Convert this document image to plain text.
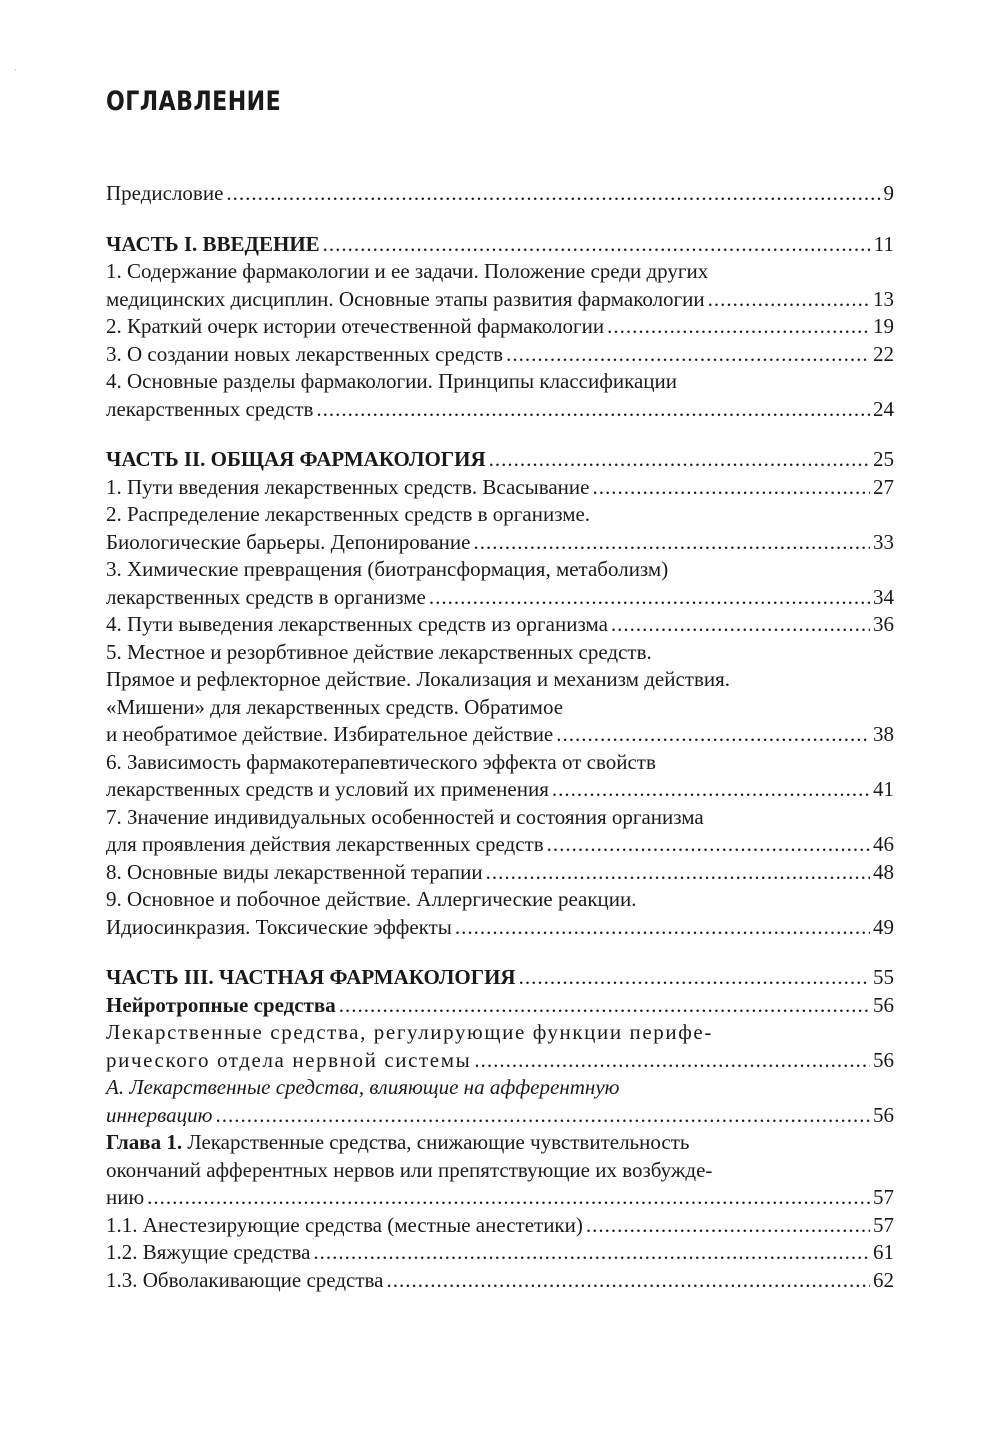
ОГЛАВЛЕНИЕ
Предисловие .....	9
ЧАСТЬ I. ВВЕДЕНИЕ .....	11
1. Содержание фармакологии и ее задачи. Положение среди других
медицинских дисциплин. Основные этапы развития фармакологии .....	13
2. Краткий очерк истории отечественной фармакологии .....	19
3. О создании новых лекарственных средств .....	22
4. Основные разделы фармакологии. Принципы классификации
лекарственных средств .....	24
ЧАСТЬ II. ОБЩАЯ ФАРМАКОЛОГИЯ .....	25
1. Пути введения лекарственных средств. Всасывание .....	27
2. Распределение лекарственных средств в организме.
Биологические барьеры. Депонирование .....	33
3. Химические превращения (биотрансформация, метаболизм)
лекарственных средств в организме .....	34
4. Пути выведения лекарственных средств из организма .....	36
5. Местное и резорбтивное действие лекарственных средств.
Прямое и рефлекторное действие. Локализация и механизм действия.
«Мишени» для лекарственных средств. Обратимое
и необратимое действие. Избирательное действие .....	38
6. Зависимость фармакотерапевтического эффекта от свойств
лекарственных средств и условий их применения .....	41
7. Значение индивидуальных особенностей и состояния организма
для проявления действия лекарственных средств .....	46
8. Основные виды лекарственной терапии .....	48
9. Основное и побочное действие. Аллергические реакции.
Идиосинкразия. Токсические эффекты .....	49
ЧАСТЬ III. ЧАСТНАЯ ФАРМАКОЛОГИЯ .....	55
Нейротропные средства .....	56
Лекарственные средства, регулирующие функции перифе-
рического отдела нервной системы .....	56
А. Лекарственные средства, влияющие на афферентную
иннервацию .....	56
Глава 1. Лекарственные средства, снижающие чувствительность
окончаний афферентных нервов или препятствующие их возбужде-
нию .....	57
1.1. Анестезирующие средства (местные анестетики) .....	57
1.2. Вяжущие средства .....	61
1.3. Обволакивающие средства .....	62
·
